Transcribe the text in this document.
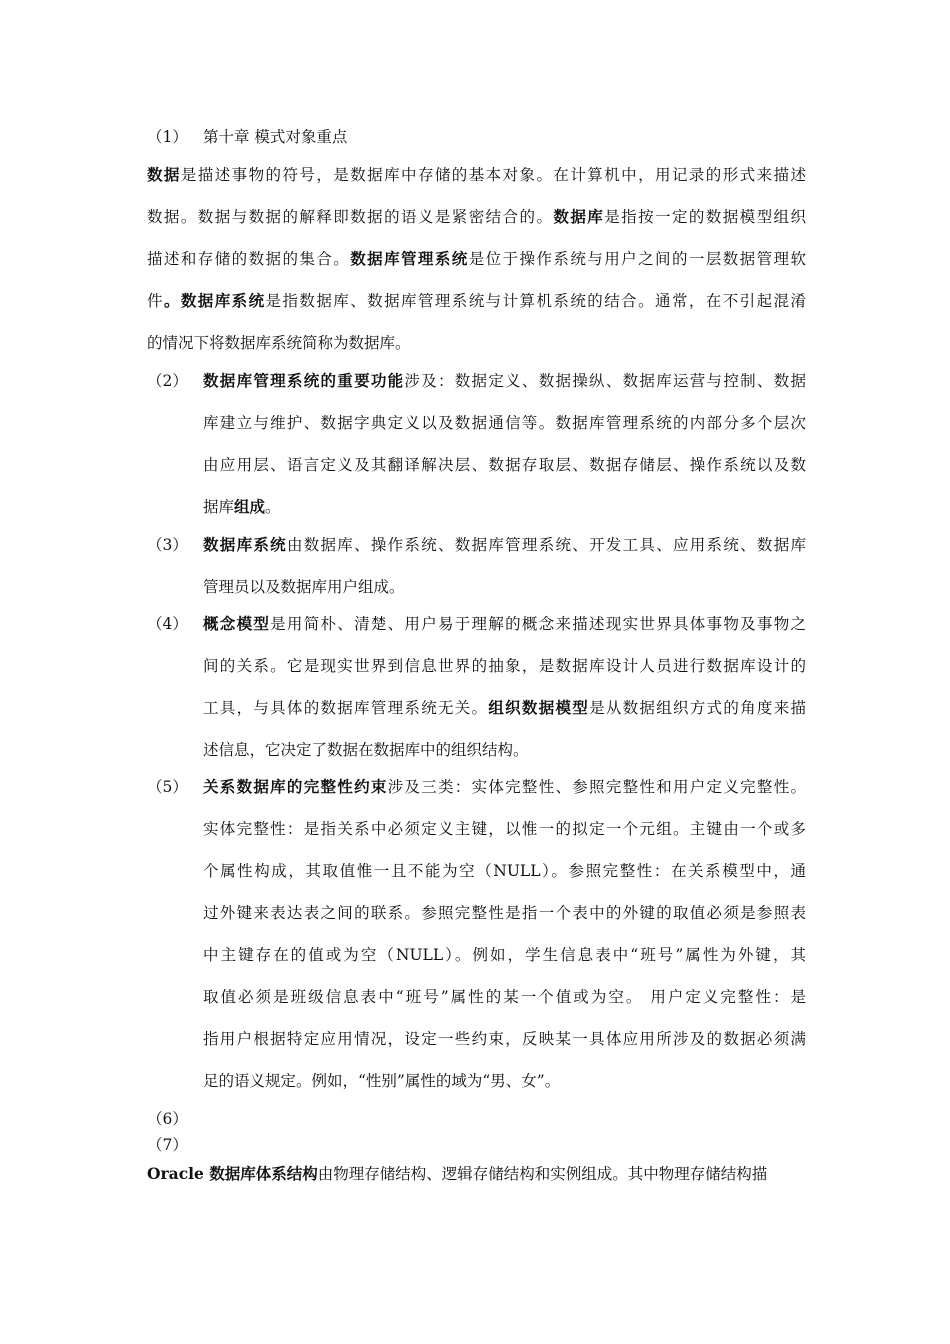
（1） 第十章 模式对象重点
数据是描述事物的符号，是数据库中存储的基本对象。在计算机中，用记录的形式来描述
数据。数据与数据的解释即数据的语义是紧密结合的。数据库是指按一定的数据模型组织
描述和存储的数据的集合。数据库管理系统是位于操作系统与用户之间的一层数据管理软
件。数据库系统是指数据库、数据库管理系统与计算机系统的结合。通常，在不引起混淆
的情况下将数据库系统简称为数据库。
（2） 数据库管理系统的重要功能涉及：数据定义、数据操纵、数据库运营与控制、数据
库建立与维护、数据字典定义以及数据通信等。数据库管理系统的内部分多个层次
由应用层、语言定义及其翻译解决层、数据存取层、数据存储层、操作系统以及数
据库组成。
（3） 数据库系统由数据库、操作系统、数据库管理系统、开发工具、应用系统、数据库
管理员以及数据库用户组成。
（4） 概念模型是用简朴、清楚、用户易于理解的概念来描述现实世界具体事物及事物之
间的关系。它是现实世界到信息世界的抽象，是数据库设计人员进行数据库设计的
工具，与具体的数据库管理系统无关。组织数据模型是从数据组织方式的角度来描
述信息，它决定了数据在数据库中的组织结构。
（5） 关系数据库的完整性约束涉及三类：实体完整性、参照完整性和用户定义完整性。
实体完整性：是指关系中必须定义主键，以惟一的拟定一个元组。主键由一个或多
个属性构成，其取值惟一且不能为空（NULL）。参照完整性：在关系模型中，通
过外键来表达表之间的联系。参照完整性是指一个表中的外键的取值必须是参照表
中主键存在的值或为空（NULL）。例如，学生信息表中“班号”属性为外键，其
取值必须是班级信息表中“班号”属性的某一个值或为空。 用户定义完整性：是
指用户根据特定应用情况，设定一些约束，反映某一具体应用所涉及的数据必须满
足的语义规定。例如，“性别”属性的域为“男、女”。
（6）
（7）
Oracle 数据库体系结构由物理存储结构、逻辑存储结构和实例组成。其中物理存储结构描
